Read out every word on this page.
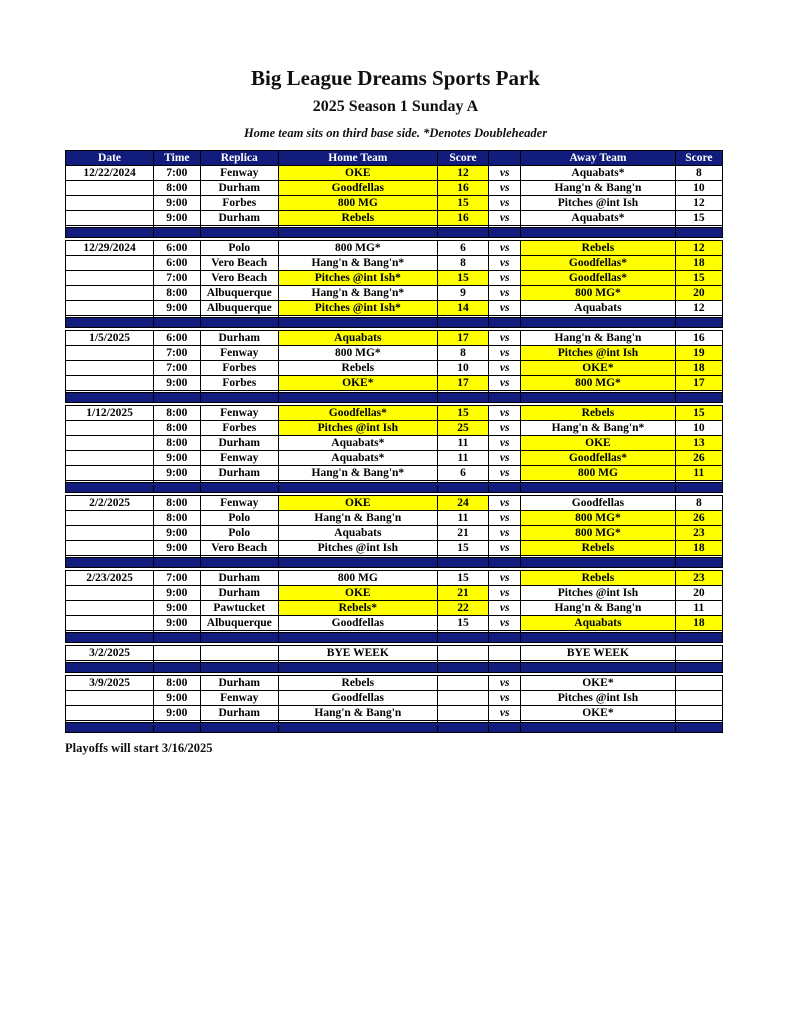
Big League Dreams Sports Park
2025 Season 1 Sunday A
Home team sits on third base side. *Denotes Doubleheader
Date	Time	Replica	Home Team	Score		Away Team	Score
12/22/2024	7:00	Fenway	OKE	12	vs	Aquabats*	8
	8:00	Durham	Goodfellas	16	vs	Hang'n & Bang'n	10
	9:00	Forbes	800 MG	15	vs	Pitches @int Ish	12
	9:00	Durham	Rebels	16	vs	Aquabats*	15

12/29/2024	6:00	Polo	800 MG*	6	vs	Rebels	12
	6:00	Vero Beach	Hang'n & Bang'n*	8	vs	Goodfellas*	18
	7:00	Vero Beach	Pitches @int Ish*	15	vs	Goodfellas*	15
	8:00	Albuquerque	Hang'n & Bang'n*	9	vs	800 MG*	20
	9:00	Albuquerque	Pitches @int Ish*	14	vs	Aquabats	12

1/5/2025	6:00	Durham	Aquabats	17	vs	Hang'n & Bang'n	16
	7:00	Fenway	800 MG*	8	vs	Pitches @int Ish	19
	7:00	Forbes	Rebels	10	vs	OKE*	18
	9:00	Forbes	OKE*	17	vs	800 MG*	17

1/12/2025	8:00	Fenway	Goodfellas*	15	vs	Rebels	15
	8:00	Forbes	Pitches @int Ish	25	vs	Hang'n & Bang'n*	10
	8:00	Durham	Aquabats*	11	vs	OKE	13
	9:00	Fenway	Aquabats*	11	vs	Goodfellas*	26
	9:00	Durham	Hang'n & Bang'n*	6	vs	800 MG	11

2/2/2025	8:00	Fenway	OKE	24	vs	Goodfellas	8
	8:00	Polo	Hang'n & Bang'n	11	vs	800 MG*	26
	9:00	Polo	Aquabats	21	vs	800 MG*	23
	9:00	Vero Beach	Pitches @int Ish	15	vs	Rebels	18

2/23/2025	7:00	Durham	800 MG	15	vs	Rebels	23
	9:00	Durham	OKE	21	vs	Pitches @int Ish	20
	9:00	Pawtucket	Rebels*	22	vs	Hang'n & Bang'n	11
	9:00	Albuquerque	Goodfellas	15	vs	Aquabats	18

3/2/2025			BYE WEEK			BYE WEEK	

3/9/2025	8:00	Durham	Rebels		vs	OKE*	
	9:00	Fenway	Goodfellas		vs	Pitches @int Ish	
	9:00	Durham	Hang'n & Bang'n		vs	OKE*	

Playoffs will start 3/16/2025
